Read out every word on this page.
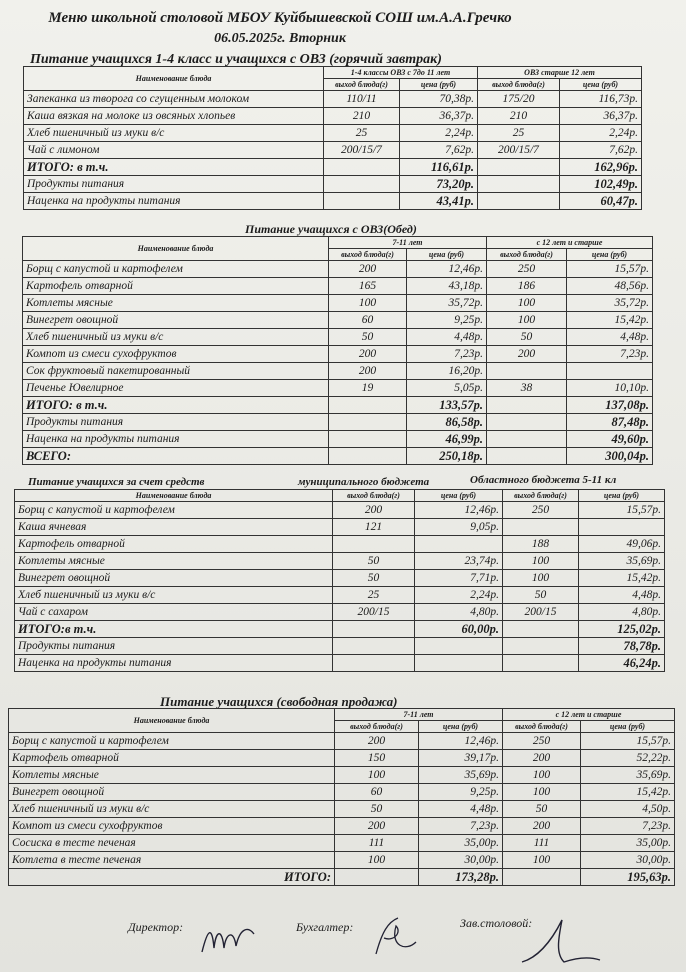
Меню школьной столовой МБОУ Куйбышевской СОШ им.А.А.Гречко
06.05.2025г. Вторник
Питание учащихся 1-4 класс и учащихся с ОВЗ (горячий завтрак)
Наименование блюда	1-4 классы ОВЗ с 7до 11 лет		ОВЗ старше 12 лет	
	выход блюда(г)	цена (руб)	выход блюда(г)	цена (руб)
Запеканка из творога со сгущенным молоком	110/11	70,38р.	175/20	116,73р.
Каша вязкая на молоке из овсяных хлопьев	210	36,37р.	210	36,37р.
Хлеб пшеничный из муки в/с	25	2,24р.	25	2,24р.
Чай с лимоном	200/15/7	7,62р.	200/15/7	7,62р.
ИТОГО: в т.ч.		116,61р.		162,96р.
Продукты питания		73,20р.		102,49р.
Наценка на продукты питания		43,41р.		60,47р.
Питание учащихся с ОВЗ(Обед)
Наименование блюда	7-11 лет		с 12 лет и старше	
	выход блюда(г)	цена (руб)	выход блюда(г)	цена (руб)
Борщ с капустой и картофелем	200	12,46р.	250	15,57р.
Картофель отварной	165	43,18р.	186	48,56р.
Котлеты мясные	100	35,72р.	100	35,72р.
Винегрет овощной	60	9,25р.	100	15,42р.
Хлеб пшеничный из муки в/с	50	4,48р.	50	4,48р.
Компот из смеси сухофруктов	200	7,23р.	200	7,23р.
Сок фруктовый пакетированный	200	16,20р.		
Печенье Ювелирное	19	5,05р.	38	10,10р.
ИТОГО: в т.ч.		133,57р.		137,08р.
Продукты питания		86,58р.		87,48р.
Наценка на продукты питания		46,99р.		49,60р.
ВСЕГО:		250,18р.		300,04р.
Питание учащихся за счет средств	муниципального бюджета	Областного бюджета 5-11 кл
Наименование блюда	выход блюда(г)	цена (руб)	выход блюда(г)	цена (руб)
Борщ с капустой и картофелем	200	12,46р.	250	15,57р.
Каша ячневая	121	9,05р.		
Картофель отварной			188	49,06р.
Котлеты мясные	50	23,74р.	100	35,69р.
Винегрет овощной	50	7,71р.	100	15,42р.
Хлеб пшеничный из муки в/с	25	2,24р.	50	4,48р.
Чай с сахаром	200/15	4,80р.	200/15	4,80р.
ИТОГО:в т.ч.		60,00р.		125,02р.
Продукты питания				78,78р.
Наценка на продукты питания				46,24р.
Питание учащихся (свободная продажа)
Наименование блюда	7-11 лет		с 12 лет и старше	
	выход блюда(г)	цена (руб)	выход блюда(г)	цена (руб)
Борщ с капустой и картофелем	200	12,46р.	250	15,57р.
Картофель отварной	150	39,17р.	200	52,22р.
Котлеты мясные	100	35,69р.	100	35,69р.
Винегрет овощной	60	9,25р.	100	15,42р.
Хлеб пшеничный из муки в/с	50	4,48р.	50	4,50р.
Компот из смеси сухофруктов	200	7,23р.	200	7,23р.
Сосиска в тесте печеная	111	35,00р.	111	35,00р.
Котлета в тесте печеная	100	30,00р.	100	30,00р.
ИТОГО:		173,28р.		195,63р.
Директор:	Бухгалтер:	Зав.столовой:
